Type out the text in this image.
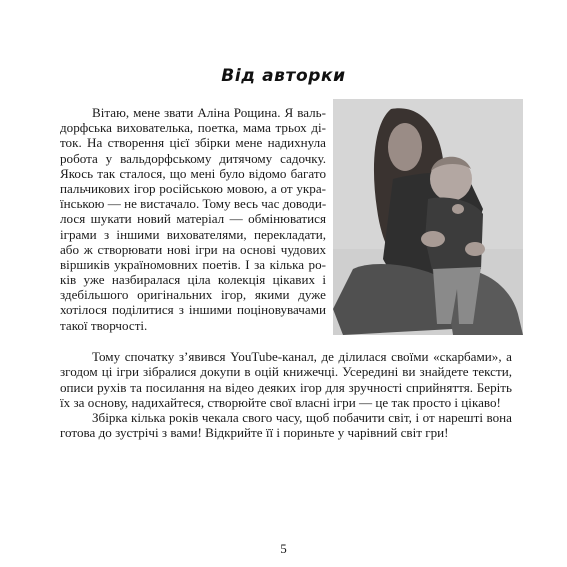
Від авторки
Вітаю, мене звати Аліна Рощина. Я валь-
дорфська вихователька, поетка, мама трьох ді-
ток. На створення цієї збірки мене надихнула
робота у вальдорфському дитячому садочку.
Якось так сталося, що мені було відомо багато
пальчикових ігор російською мовою, а от укра-
їнською — не вистачало. Тому весь час доводи-
лося шукати новий матеріал — обмінюватися
іграми з іншими вихователями, перекладати,
або ж створювати нові ігри на основі чудових
віршиків україномовних поетів. І за кілька ро-
ків уже назбиралася ціла колекція цікавих і
здебільшого оригінальних ігор, якими дуже
хотілося поділитися з іншими поціновувачами
такої творчості.
Тому спочатку з’явився YouTube-канал, де ділилася своїми «скарбами», а
згодом ці ігри зібралися докупи в оцій книжечці. Усередині ви знайдете тексти,
описи рухів та посилання на відео деяких ігор для зручності сприйняття. Беріть
їх за основу, надихайтеся, створюйте свої власні ігри — це так просто і цікаво!
Збірка кілька років чекала свого часу, щоб побачити світ, і от нарешті вона
готова до зустрічі з вами! Відкрийте її і пориньте у чарівний світ гри!
5
